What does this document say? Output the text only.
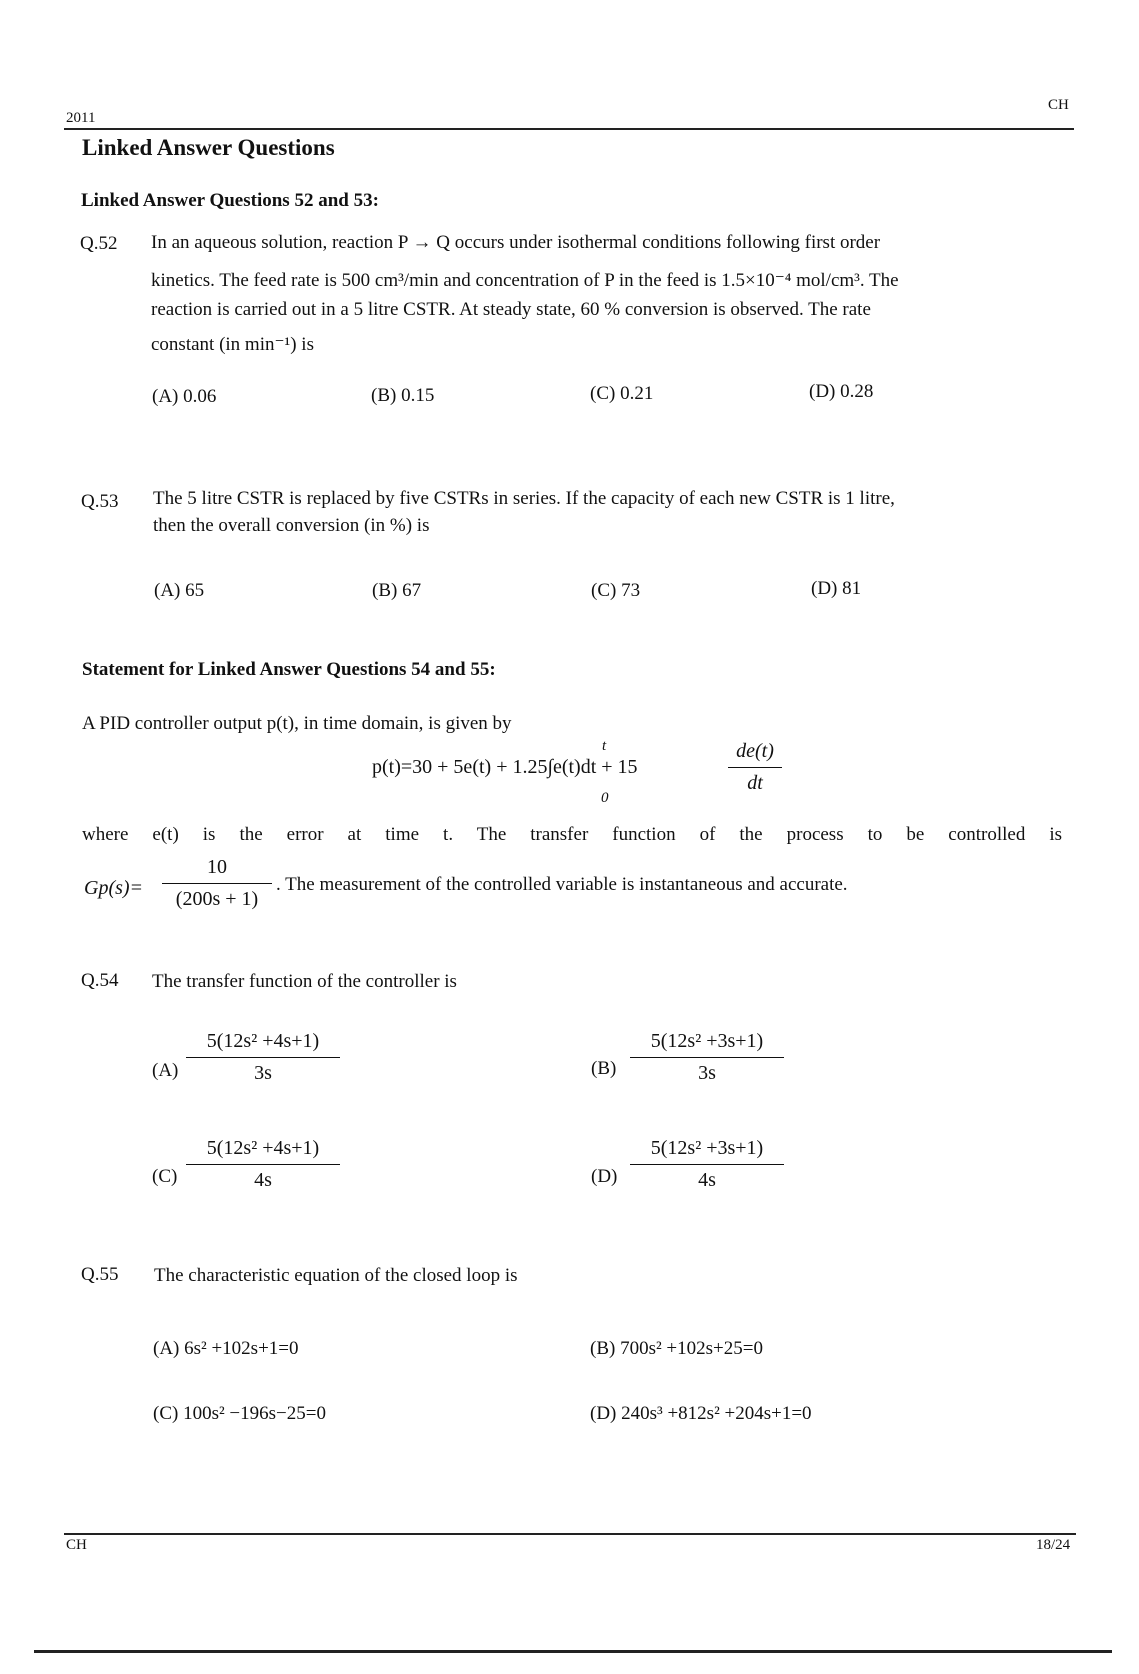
2011
CH
Linked Answer Questions
Linked Answer Questions 52 and 53:
Q.52 In an aqueous solution, reaction P → Q occurs under isothermal conditions following first order
kinetics. The feed rate is 500 cm³/min and concentration of P in the feed is 1.5×10⁻⁴ mol/cm³. The
reaction is carried out in a 5 litre CSTR. At steady state, 60 % conversion is observed. The rate
constant (in min⁻¹) is
(A) 0.06	(B) 0.15	(C) 0.21	(D) 0.28
Q.53 The 5 litre CSTR is replaced by five CSTRs in series. If the capacity of each new CSTR is 1 litre,
then the overall conversion (in %) is
(A) 65	(B) 67	(C) 73	(D) 81
Statement for Linked Answer Questions 54 and 55:
A PID controller output p(t), in time domain, is given by
p(t)=30 + 5e(t) + 1.25∫e(t)dt + 15
t
0
de(t)
dt
where e(t) is the error at time t. The transfer function of the process to be controlled is
Gp(s)=
10
(200s + 1)
. The measurement of the controlled variable is instantaneous and accurate.
Q.54 The transfer function of the controller is
(A)
5(12s² +4s+1)
3s	(B)
5(12s² +3s+1)
3s
(C)
5(12s² +4s+1)
4s	(D)
5(12s² +3s+1)
4s
Q.55 The characteristic equation of the closed loop is
(A) 6s² +102s+1=0	(B) 700s² +102s+25=0
(C) 100s² −196s−25=0	(D) 240s³ +812s² +204s+1=0
CH	18/24
